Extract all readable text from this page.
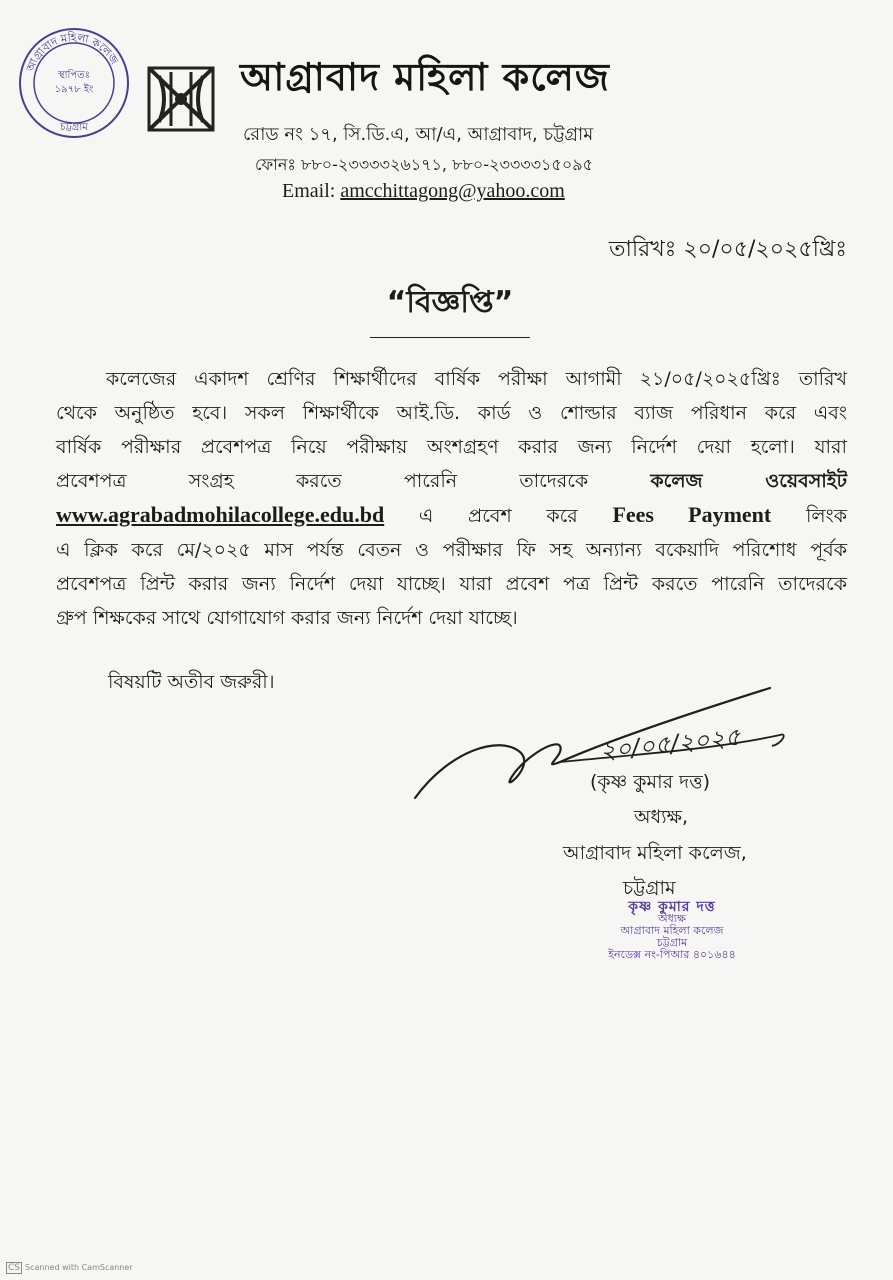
আগ্রাবাদ মহিলা কলেজ
স্থাপিতঃ
১৯৭৮ ইং
চট্টগ্রাম
আগ্রাবাদ মহিলা কলেজ
রোড নং ১৭, সি.ডি.এ, আ/এ, আগ্রাবাদ, চট্টগ্রাম
ফোনঃ ৮৮০-২৩৩৩৩২৬১৭১, ৮৮০-২৩৩৩৩১৫০৯৫
Email: amcchittagong@yahoo.com
তারিখঃ ২০/০৫/২০২৫খ্রিঃ
“বিজ্ঞপ্তি”
কলেজের একাদশ শ্রেণির শিক্ষার্থীদের বার্ষিক পরীক্ষা আগামী ২১/০৫/২০২৫খ্রিঃ তারিখ
থেকে অনুষ্ঠিত হবে। সকল শিক্ষার্থীকে আই.ডি. কার্ড ও শোল্ডার ব্যাজ পরিধান করে এবং
বার্ষিক পরীক্ষার প্রবেশপত্র নিয়ে পরীক্ষায় অংশগ্রহণ করার জন্য নির্দেশ দেয়া হলো। যারা
প্রবেশপত্র সংগ্রহ করতে পারেনি তাদেরকে	কলেজ ওয়েবসাইট
www.agrabadmohilacollege.edu.bd এ প্রবেশ করে Fees Payment লিংক
এ ক্লিক করে মে/২০২৫ মাস পর্যন্ত বেতন ও পরীক্ষার ফি সহ অন্যান্য বকেয়াদি পরিশোধ পূর্বক
প্রবেশপত্র প্রিন্ট করার জন্য নির্দেশ দেয়া যাচ্ছে। যারা প্রবেশ পত্র প্রিন্ট করতে পারেনি তাদেরকে
গ্রুপ শিক্ষকের সাথে যোগাযোগ করার জন্য নির্দেশ দেয়া যাচ্ছে।
বিষয়টি অতীব জরুরী।
২০/০৫/২০২৫
(কৃষ্ণ কুমার দত্ত)
অধ্যক্ষ,
আগ্রাবাদ মহিলা কলেজ,
চট্টগ্রাম
কৃষ্ণ কুমার দত্ত
অধ্যক্ষ
আগ্রাবাদ মহিলা কলেজ
চট্টগ্রাম
ইনডেক্স নং-পিআর ৪০১৬৪৪
CS Scanned with CamScanner
